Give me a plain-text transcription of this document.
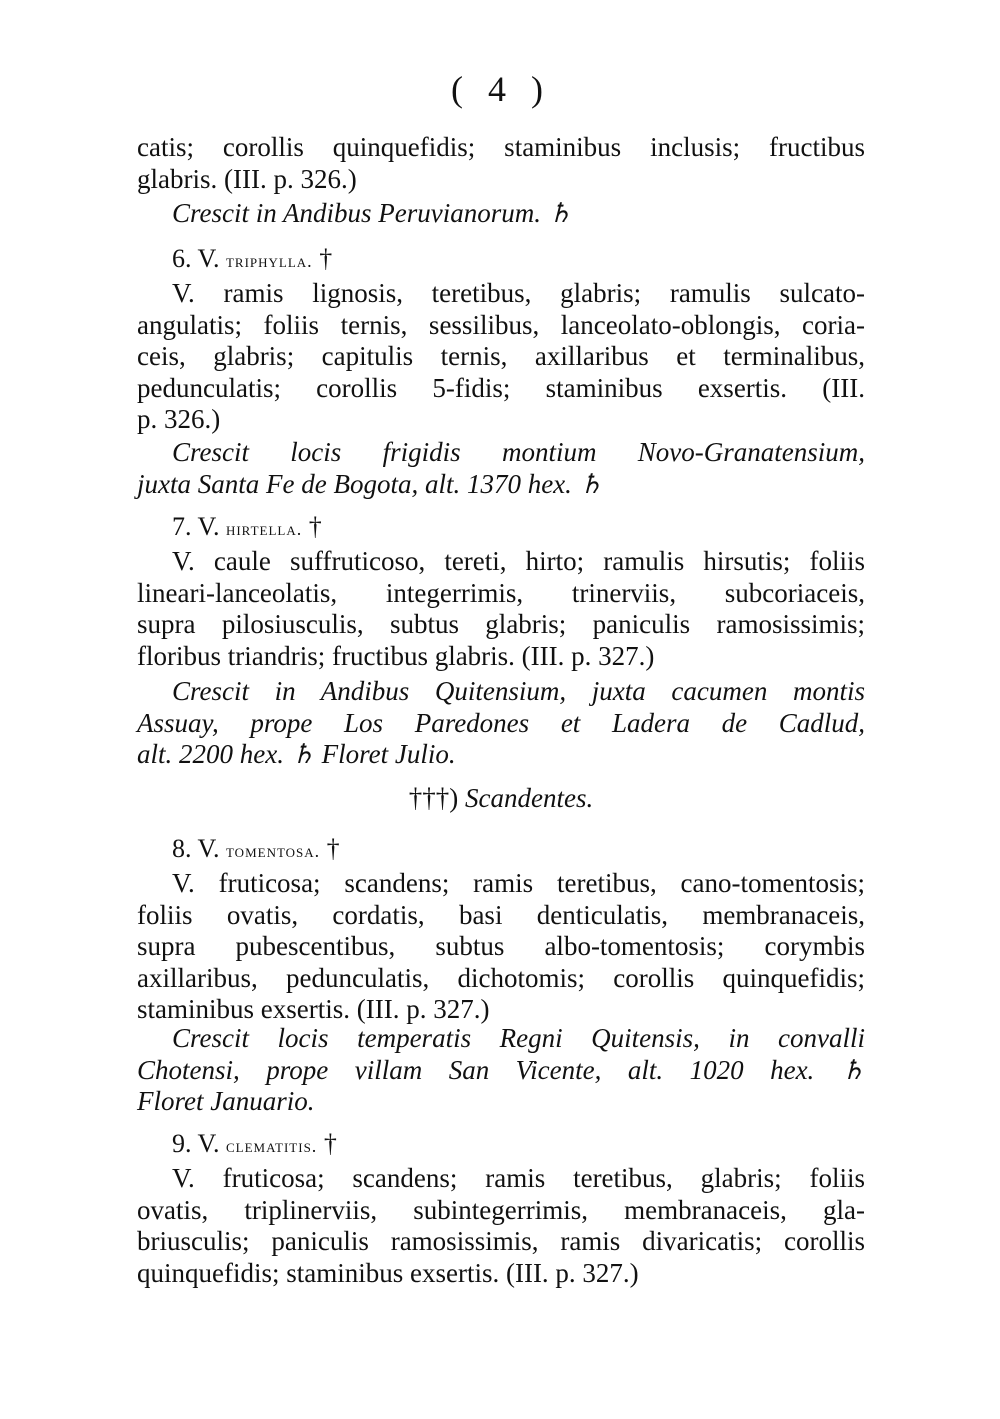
( 4 )
catis; corollis quinquefidis; staminibus inclusis; fructibus
glabris. (III. p. 326.)
Crescit in Andibus Peruvianorum. ♄
6. V. triphylla. †
V. ramis lignosis, teretibus, glabris; ramulis sulcato-
angulatis; foliis ternis, sessilibus, lanceolato-oblongis, coria-
ceis, glabris; capitulis ternis, axillaribus et terminalibus,
pedunculatis; corollis 5-fidis; staminibus exsertis. (III.
p. 326.)
Crescit locis frigidis montium Novo-Granatensium,
juxta Santa Fe de Bogota, alt. 1370 hex. ♄
7. V. hirtella. †
V. caule suffruticoso, tereti, hirto; ramulis hirsutis; foliis
lineari-lanceolatis, integerrimis, trinerviis, subcoriaceis,
supra pilosiusculis, subtus glabris; paniculis ramosissimis;
floribus triandris; fructibus glabris. (III. p. 327.)
Crescit in Andibus Quitensium, juxta cacumen montis
Assuay, prope Los Paredones et Ladera de Cadlud,
alt. 2200 hex. ♄ Floret Julio.
†††) Scandentes.
8. V. tomentosa. †
V. fruticosa; scandens; ramis teretibus, cano-tomentosis;
foliis ovatis, cordatis, basi denticulatis, membranaceis,
supra pubescentibus, subtus albo-tomentosis; corymbis
axillaribus, pedunculatis, dichotomis; corollis quinquefidis;
staminibus exsertis. (III. p. 327.)
Crescit locis temperatis Regni Quitensis, in convalli
Chotensi, prope villam San Vicente, alt. 1020 hex. ♄
Floret Januario.
9. V. clematitis. †
V. fruticosa; scandens; ramis teretibus, glabris; foliis
ovatis, triplinerviis, subintegerrimis, membranaceis, gla-
briusculis; paniculis ramosissimis, ramis divaricatis; corollis
quinquefidis; staminibus exsertis. (III. p. 327.)
